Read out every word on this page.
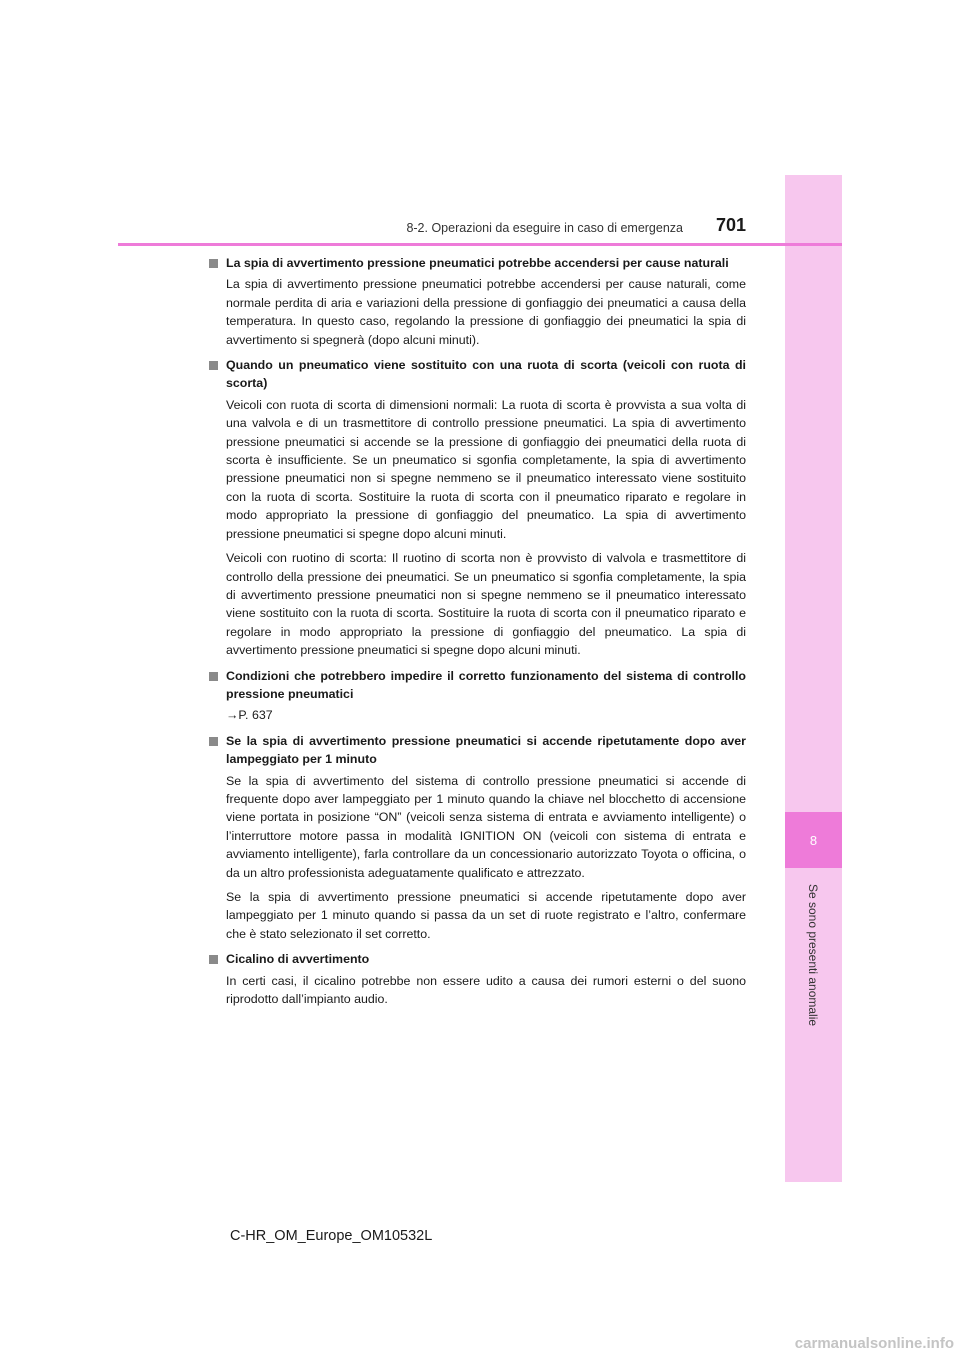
8
Se sono presenti anomalie
8-2. Operazioni da eseguire in caso di emergenza 701
La spia di avvertimento pressione pneumatici potrebbe accendersi per cause naturali
La spia di avvertimento pressione pneumatici potrebbe accendersi per cause naturali, come normale perdita di aria e variazioni della pressione di gonfiaggio dei pneumatici a causa della temperatura. In questo caso, regolando la pressione di gonfiaggio dei pneumatici la spia di avvertimento si spegnerà (dopo alcuni minuti).
Quando un pneumatico viene sostituito con una ruota di scorta (veicoli con ruota di scorta)
Veicoli con ruota di scorta di dimensioni normali: La ruota di scorta è provvista a sua volta di una valvola e di un trasmettitore di controllo pressione pneumatici. La spia di avvertimento pressione pneumatici si accende se la pressione di gonfiaggio dei pneumatici della ruota di scorta è insufficiente. Se un pneumatico si sgonfia completamente, la spia di avvertimento pressione pneumatici non si spegne nemmeno se il pneumatico interessato viene sostituito con la ruota di scorta. Sostituire la ruota di scorta con il pneumatico riparato e regolare in modo appropriato la pressione di gonfiaggio del pneumatico. La spia di avvertimento pressione pneumatici si spegne dopo alcuni minuti.
Veicoli con ruotino di scorta: Il ruotino di scorta non è provvisto di valvola e trasmettitore di controllo della pressione dei pneumatici. Se un pneumatico si sgonfia completamente, la spia di avvertimento pressione pneumatici non si spegne nemmeno se il pneumatico interessato viene sostituito con la ruota di scorta. Sostituire la ruota di scorta con il pneumatico riparato e regolare in modo appropriato la pressione di gonfiaggio del pneumatico. La spia di avvertimento pressione pneumatici si spegne dopo alcuni minuti.
Condizioni che potrebbero impedire il corretto funzionamento del sistema di controllo pressione pneumatici
→P. 637
Se la spia di avvertimento pressione pneumatici si accende ripetutamente dopo aver lampeggiato per 1 minuto
Se la spia di avvertimento del sistema di controllo pressione pneumatici si accende di frequente dopo aver lampeggiato per 1 minuto quando la chiave nel blocchetto di accensione viene portata in posizione “ON” (veicoli senza sistema di entrata e avviamento intelligente) o l’interruttore motore passa in modalità IGNITION ON (veicoli con sistema di entrata e avviamento intelligente), farla controllare da un concessionario autorizzato Toyota o officina, o da un altro professionista adeguatamente qualificato e attrezzato.
Se la spia di avvertimento pressione pneumatici si accende ripetutamente dopo aver lampeggiato per 1 minuto quando si passa da un set di ruote registrato e l’altro, confermare che è stato selezionato il set corretto.
Cicalino di avvertimento
In certi casi, il cicalino potrebbe non essere udito a causa dei rumori esterni o del suono riprodotto dall’impianto audio.
C-HR_OM_Europe_OM10532L
carmanualsonline.info
